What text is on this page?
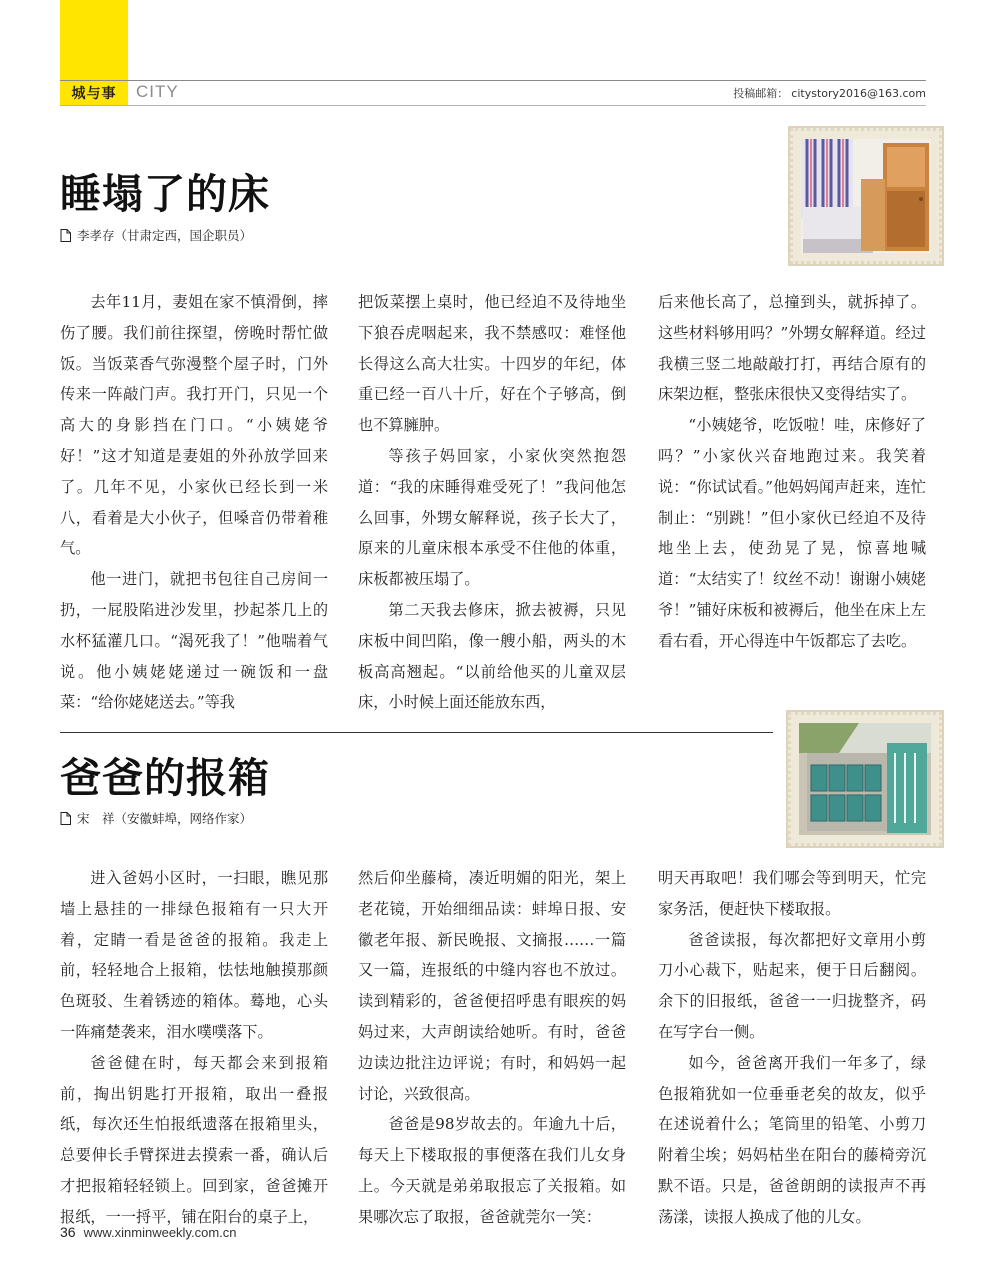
城与事	CITY	投稿邮箱： citystory2016@163.com
睡塌了的床
李孝存（甘肃定西，国企职员）

去年11月，妻姐在家不慎滑倒，摔伤了腰。我们前往探望，傍晚时帮忙做饭。当饭菜香气弥漫整个屋子时，门外传来一阵敲门声。我打开门，只见一个高大的身影挡在门口。“小姨姥爷好！”这才知道是妻姐的外孙放学回来了。几年不见，小家伙已经长到一米八，看着是大小伙子，但嗓音仍带着稚气。

他一进门，就把书包往自己房间一扔，一屁股陷进沙发里，抄起茶几上的水杯猛灌几口。“渴死我了！”他喘着气说。他小姨姥姥递过一碗饭和一盘菜：“给你姥姥送去。”等我

把饭菜摆上桌时，他已经迫不及待地坐下狼吞虎咽起来，我不禁感叹：难怪他长得这么高大壮实。十四岁的年纪，体重已经一百八十斤，好在个子够高，倒也不算臃肿。

等孩子妈回家，小家伙突然抱怨道：“我的床睡得难受死了！”我问他怎么回事，外甥女解释说，孩子长大了，原来的儿童床根本承受不住他的体重，床板都被压塌了。

第二天我去修床，掀去被褥，只见床板中间凹陷，像一艘小船，两头的木板高高翘起。“以前给他买的儿童双层床，小时候上面还能放东西，

后来他长高了，总撞到头，就拆掉了。这些材料够用吗？”外甥女解释道。经过我横三竖二地敲敲打打，再结合原有的床架边框，整张床很快又变得结实了。

“小姨姥爷，吃饭啦！哇，床修好了吗？”小家伙兴奋地跑过来。我笑着说：“你试试看。”他妈妈闻声赶来，连忙制止：“别跳！”但小家伙已经迫不及待地坐上去，使劲晃了晃，惊喜地喊道：“太结实了！纹丝不动！谢谢小姨姥爷！”铺好床板和被褥后，他坐在床上左看右看，开心得连中午饭都忘了去吃。

爸爸的报箱
宋　祥（安徽蚌埠，网络作家）

进入爸妈小区时，一扫眼，瞧见那墙上悬挂的一排绿色报箱有一只大开着，定睛一看是爸爸的报箱。我走上前，轻轻地合上报箱，怯怯地触摸那颜色斑驳、生着锈迹的箱体。蓦地，心头一阵痛楚袭来，泪水噗噗落下。

爸爸健在时，每天都会来到报箱前，掏出钥匙打开报箱，取出一叠报纸，每次还生怕报纸遗落在报箱里头，总要伸长手臂探进去摸索一番，确认后才把报箱轻轻锁上。回到家，爸爸摊开报纸，一一捋平，铺在阳台的桌子上，

然后仰坐藤椅，凑近明媚的阳光，架上老花镜，开始细细品读：蚌埠日报、安徽老年报、新民晚报、文摘报……一篇又一篇，连报纸的中缝内容也不放过。读到精彩的，爸爸便招呼患有眼疾的妈妈过来，大声朗读给她听。有时，爸爸边读边批注边评说；有时，和妈妈一起讨论，兴致很高。

爸爸是98岁故去的。年逾九十后，每天上下楼取报的事便落在我们儿女身上。今天就是弟弟取报忘了关报箱。如果哪次忘了取报，爸爸就莞尔一笑：

明天再取吧！我们哪会等到明天，忙完家务活，便赶快下楼取报。

爸爸读报，每次都把好文章用小剪刀小心裁下，贴起来，便于日后翻阅。余下的旧报纸，爸爸一一归拢整齐，码在写字台一侧。

如今，爸爸离开我们一年多了，绿色报箱犹如一位垂垂老矣的故友，似乎在述说着什么；笔筒里的铅笔、小剪刀附着尘埃；妈妈枯坐在阳台的藤椅旁沉默不语。只是，爸爸朗朗的读报声不再荡漾，读报人换成了他的儿女。

36 www.xinminweekly.com.cn
